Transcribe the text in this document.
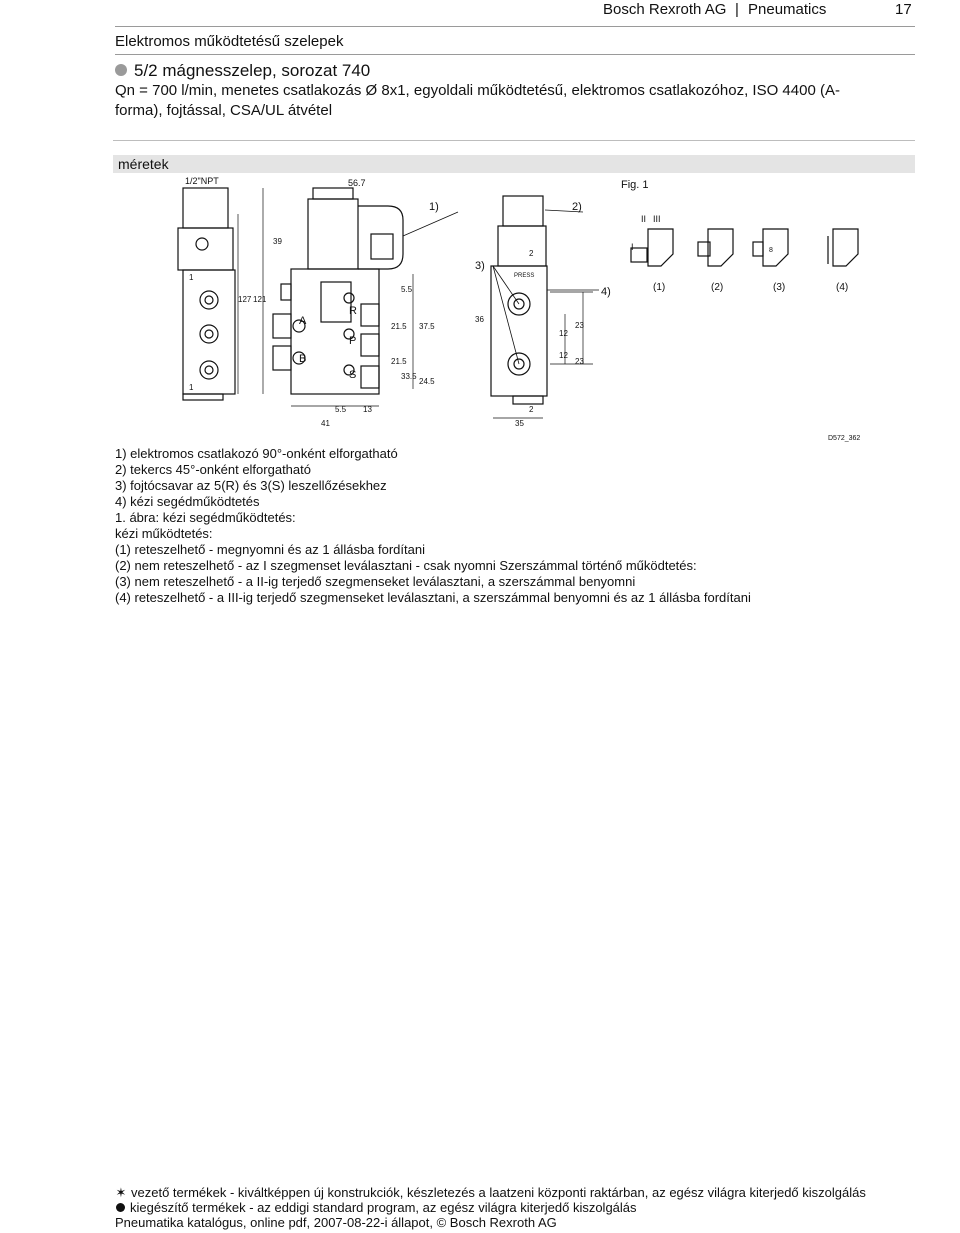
Bosch Rexroth AG | Pneumatics	17
Elektromos működtetésű szelepek
5/2 mágnesszelep, sorozat 740
Qn = 700 l/min, menetes csatlakozás Ø 8x1, egyoldali működtetésű, elektromos csatlakozóhoz, ISO 4400 (A-forma), fojtással, CSA/UL átvétel
méretek
1/2"NPT	56.7
39
127 121
5.5
21.5 37.5
21.5
33.5
24.5
5.5 13
41
36
12
23
12
23
35
2
2
1
1
8
A
B
R
P
S
PRESS
1)	2)
3)
4)
Fig. 1
I
II III
(1)	(2)	(3)	(4)
D572_362
1) elektromos csatlakozó 90°-onként elforgatható
2) tekercs 45°-onként elforgatható
3) fojtócsavar az 5(R) és 3(S) leszellőzésekhez
4) kézi segédműködtetés
1. ábra: kézi segédműködtetés:
kézi működtetés:
(1) reteszelhető - megnyomni és az 1 állásba fordítani
(2) nem reteszelhető - az I szegmenset leválasztani - csak nyomni Szerszámmal történő működtetés:
(3) nem reteszelhető - a II-ig terjedő szegmenseket leválasztani, a szerszámmal benyomni
(4) reteszelhető - a III-ig terjedő szegmenseket leválasztani, a szerszámmal benyomni és az 1 állásba fordítani
✶ vezető termékek - kiváltképpen új konstrukciók, készletezés a laatzeni központi raktárban, az egész világra kiterjedő kiszolgálás
kiegészítő termékek - az eddigi standard program, az egész világra kiterjedő kiszolgálás
Pneumatika katalógus, online pdf, 2007-08-22-i állapot, © Bosch Rexroth AG
